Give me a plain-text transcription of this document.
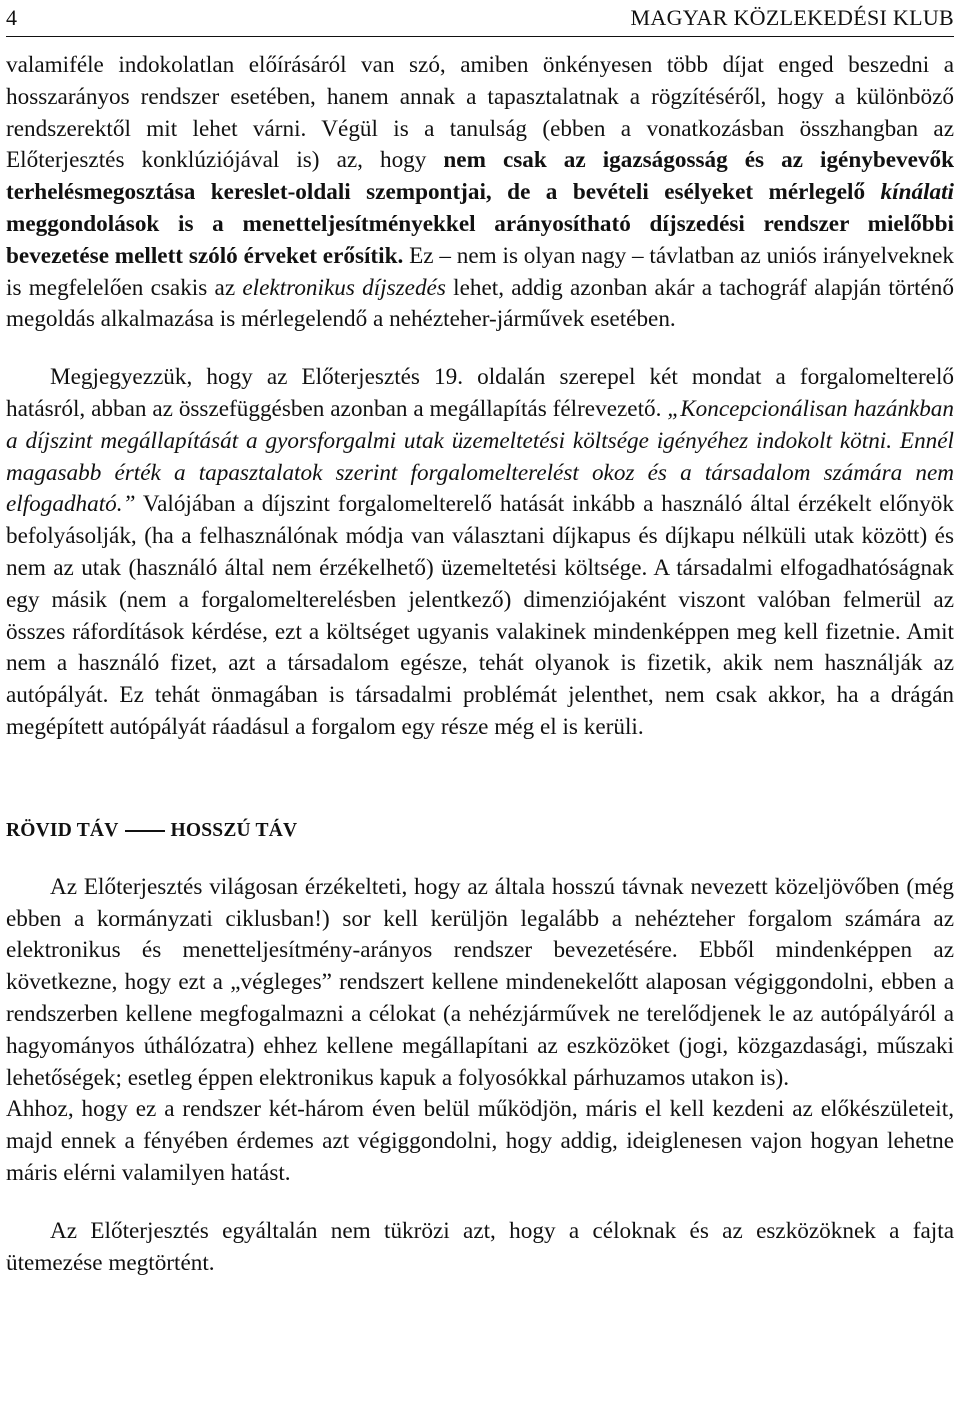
4	MAGYAR KÖZLEKEDÉSI KLUB

valamiféle indokolatlan előírásáról van szó, amiben önkényesen több díjat enged beszedni a hosszarányos rendszer esetében, hanem annak a tapasztalatnak a rögzítéséről, hogy a különböző rendszerektől mit lehet várni. Végül is a tanulság (ebben a vonatkozásban összhangban az Előterjesztés konklúziójával is) az, hogy nem csak az igazságosság és az igénybevevők terhelésmegosztása kereslet-oldali szempontjai, de a bevételi esélyeket mérlegelő kínálati meggondolások is a menetteljesítményekkel arányosítható díjszedési rendszer mielőbbi bevezetése mellett szóló érveket erősítik. Ez – nem is olyan nagy – távlatban az uniós irányelveknek is megfelelően csakis az elektronikus díjszedés lehet, addig azonban akár a tachográf alapján történő megoldás alkalmazása is mérlegelendő a nehézteher-járművek esetében.

Megjegyezzük, hogy az Előterjesztés 19. oldalán szerepel két mondat a forgalomelterelő hatásról, abban az összefüggésben azonban a megállapítás félrevezető. „Koncepcionálisan hazánkban a díjszint megállapítását a gyorsforgalmi utak üzemeltetési költsége igényéhez indokolt kötni. Ennél magasabb érték a tapasztalatok szerint forgalomelterelést okoz és a társadalom számára nem elfogadható.” Valójában a díjszint forgalomelterelő hatását inkább a használó által érzékelt előnyök befolyásolják, (ha a felhasználónak módja van választani díjkapus és díjkapu nélküli utak között) és nem az utak (használó által nem érzékelhető) üzemeltetési költsége. A társadalmi elfogadhatóságnak egy másik (nem a forgalomelterelésben jelentkező) dimenziójaként viszont valóban felmerül az összes ráfordítások kérdése, ezt a költséget ugyanis valakinek mindenképpen meg kell fizetnie. Amit nem a használó fizet, azt a társadalom egésze, tehát olyanok is fizetik, akik nem használják az autópályát. Ez tehát önmagában is társadalmi problémát jelenthet, nem csak akkor, ha a drágán megépített autópályát ráadásul a forgalom egy része még el is kerüli.

RÖVID TÁV	HOSSZÚ TÁV

Az Előterjesztés világosan érzékelteti, hogy az általa hosszú távnak nevezett közeljövőben (még ebben a kormányzati ciklusban!) sor kell kerüljön legalább a nehézteher forgalom számára az elektronikus és menetteljesítmény-arányos rendszer bevezetésére. Ebből mindenképpen az következne, hogy ezt a „végleges” rendszert kellene mindenekelőtt alaposan végiggondolni, ebben a rendszerben kellene megfogalmazni a célokat (a nehézjárművek ne terelődjenek le az autópályáról a hagyományos úthálózatra) ehhez kellene megállapítani az eszközöket (jogi, közgazdasági, műszaki lehetőségek; esetleg éppen elektronikus kapuk a folyosókkal párhuzamos utakon is).

Ahhoz, hogy ez a rendszer két-három éven belül működjön, máris el kell kezdeni az előkészületeit, majd ennek a fényében érdemes azt végiggondolni, hogy addig, ideiglenesen vajon hogyan lehetne máris elérni valamilyen hatást.

Az Előterjesztés egyáltalán nem tükrözi azt, hogy a céloknak és az eszközöknek a fajta ütemezése megtörtént.
